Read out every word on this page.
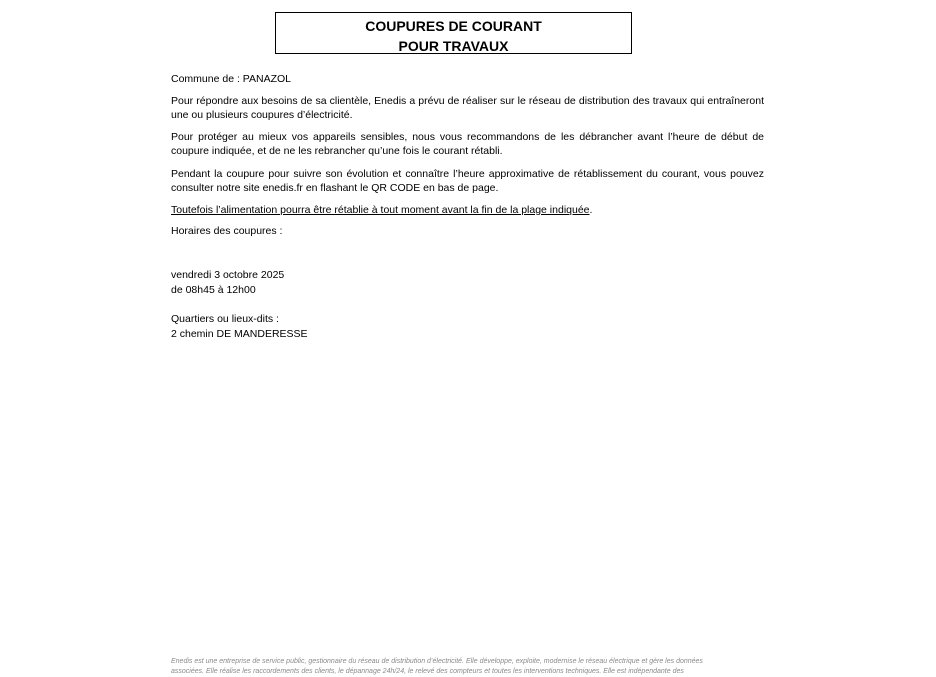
COUPURES DE COURANT
POUR TRAVAUX
Commune de : PANAZOL
Pour répondre aux besoins de sa clientèle, Enedis a prévu de réaliser sur le réseau de distribution des travaux qui entraîneront une ou plusieurs coupures d’électricité.
Pour protéger au mieux vos appareils sensibles, nous vous recommandons de les débrancher avant l’heure de début de coupure indiquée, et de ne les rebrancher qu’une fois le courant rétabli.
Pendant la coupure pour suivre son évolution et connaître l’heure approximative de rétablissement du courant, vous pouvez consulter notre site enedis.fr en flashant le QR CODE en bas de page.
Toutefois l’alimentation pourra être rétablie à tout moment avant la fin de la plage indiquée.
Horaires des coupures :
vendredi 3 octobre 2025
de 08h45 à 12h00
Quartiers ou lieux-dits :
2 chemin DE MANDERESSE
Enedis est une entreprise de service public, gestionnaire du réseau de distribution d’électricité. Elle développe, exploite, modernise le réseau électrique et gère les données
associées. Elle réalise les raccordements des clients, le dépannage 24h/24, le relevé des compteurs et toutes les interventions techniques. Elle est indépendante des
